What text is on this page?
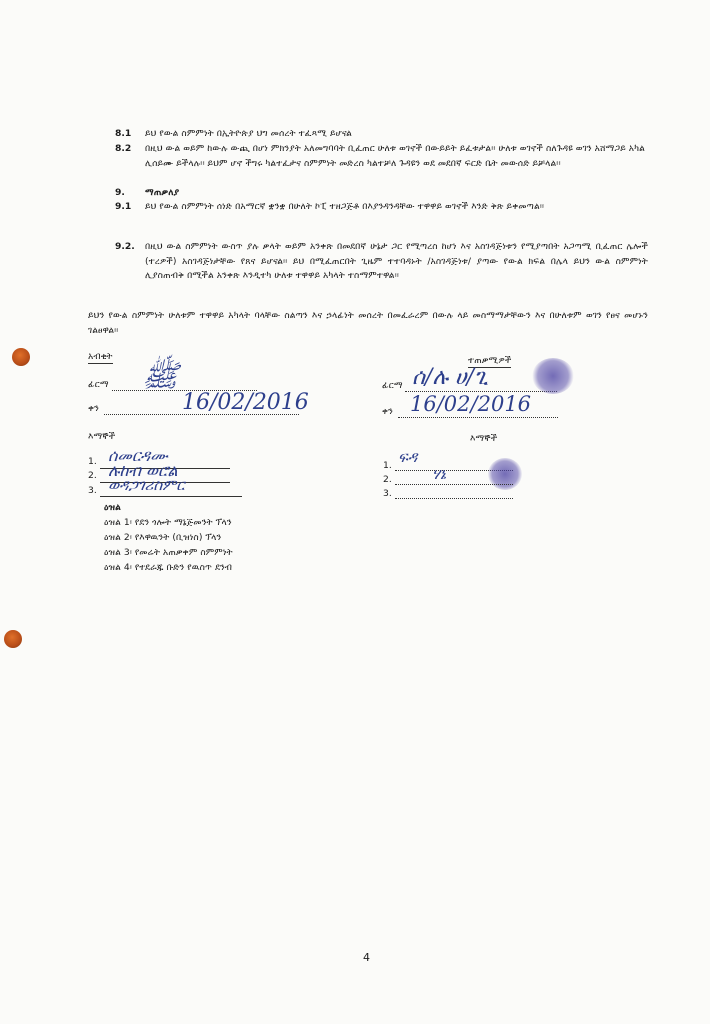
8.1	ይህ የውል ስምምነት በኢትዮጵያ ህግ መሰረት ተፈጻሚ ይሆናል
8.2	በዚህ ውል ወይም ከውሉ ውጪ በሆነ ምክንያት አለመግባባት ቢፈጠር ሁለቱ ወገኖች በውይይት ይፈቱታል፡፡ ሁለቱ ወገኖች ስለጉዳዩ ወገን አሸማጋይ አካል ሊሰይሙ ይችላሉ፡፡ ይህም ሆኖ ችግሩ ካልተፈታና ስምምነት መድረስ ካልተቻለ ጉዳዩን ወደ መደበኛ ፍርድ ቤት መውሰድ ይቻላል፡፡
9.	ማጠቃለያ
9.1	ይህ የውል ስምምነት ሰነድ በአማርኛ ቋንቋ በሁለት ኮፒ ተዘጋጅቶ በእያንዳንዳቸው ተዋዋይ ወገኖች እንድ ቅጽ ይቀመጣል፡፡
9.2.	በዚህ ውል ስምምነት ውስጥ ያሉ ቃላት ወይም አንቀጽ በመደበኛ ሁኔታ ጋር የሚጣረስ ከሆነ እና አስገዳጅነቱን የሚያጣበት አጋጣሚ ቢፈጠር ሌሎች (ተረዎች) አስገዳጅነታቸው የጸና ይሆናል፡፡ ይህ በሚፈጠርበት ጊዜም ተተባዳኑት /አስገዳጅነቱ/ ያጣው የውል ክፍል በሌላ ይህን ውል ስምምነት ሊያስጠብቅ በሚችል አንቀጽ እንዲተካ ሁለቱ ተዋዋይ አካላት ተስማምተዋል፡፡
ይህን የውል ስምምነት ሁለቱም ተዋዋይ አካላት ባላቸው ስልጣን እና ኃላፊነት መሰረት በመፈራረም በውሉ ላይ መስማማታቸውን እና በሁለቱም ወገን የፀና መሆኑን ገልፀዋል፡፡
አብቂት
ፊርማ ﷺ
ቀን	16/02/2016
ተጠቃሚዎች
ፊርማ ሰ/ሉ ሀ/ጊ
ቀን 16/02/2016
እማኞች
1. ሰመርዳሙ
2. ሉከብ ወሮል
3. ወዳጋገሪስምር
እማኞች
ፍዳ
1.	ሃኔ
2.
3.
ዕዝል
ዕዝል 1፡ የደን ጎሎት ማኔጅመንት ፕላን
ዕዝል 2፡ የእዋዉንት (ቢዝነስ) ፕላን
ዕዝል 3፡ የመሬት አጠቃቀም ስምምነት
ዕዝል 4፡ የተደራጁ ቡድን የዉስጥ ደንብ
4
